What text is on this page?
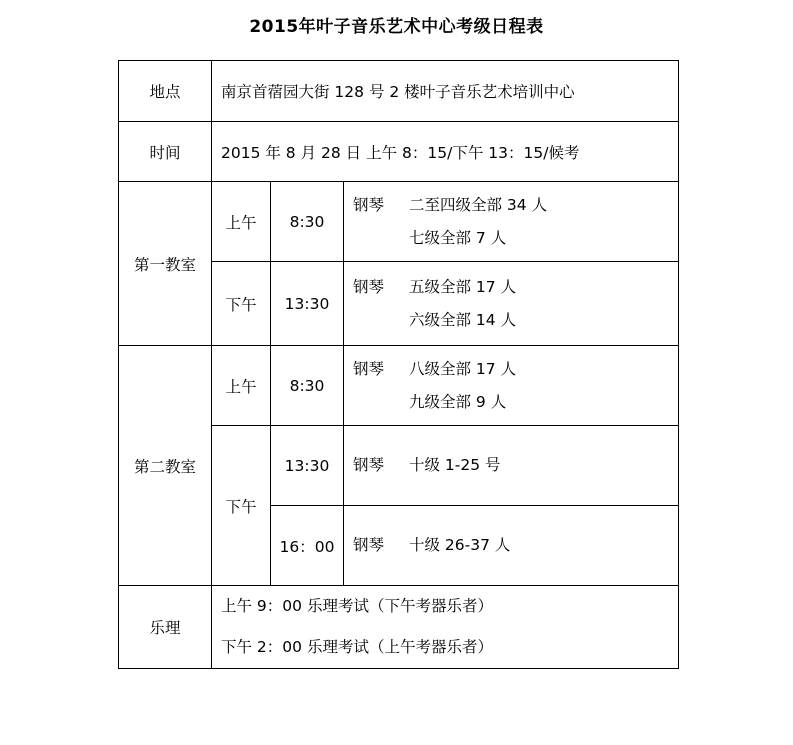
2015年叶子音乐艺术中心考级日程表
地点	南京首蓿园大街 128 号 2 楼叶子音乐艺术培训中心		
时间	2015 年 8 月 28 日 上午 8：15/下午 13：15/候考		
第一教室	上午	8:30	钢琴 二至四级全部 34 人
七级全部 7 人

	下午	13:30	钢琴 五级全部 17 人
六级全部 14 人

第二教室	上午	8:30	钢琴 八级全部 17 人
九级全部 9 人

	下午	13:30	钢琴 十级 1-25 号

		16：00	钢琴 十级 26-37 人

乐理	上午 9：00 乐理考试（下午考器乐者）
下午 2：00 乐理考试（上午考器乐者）		
